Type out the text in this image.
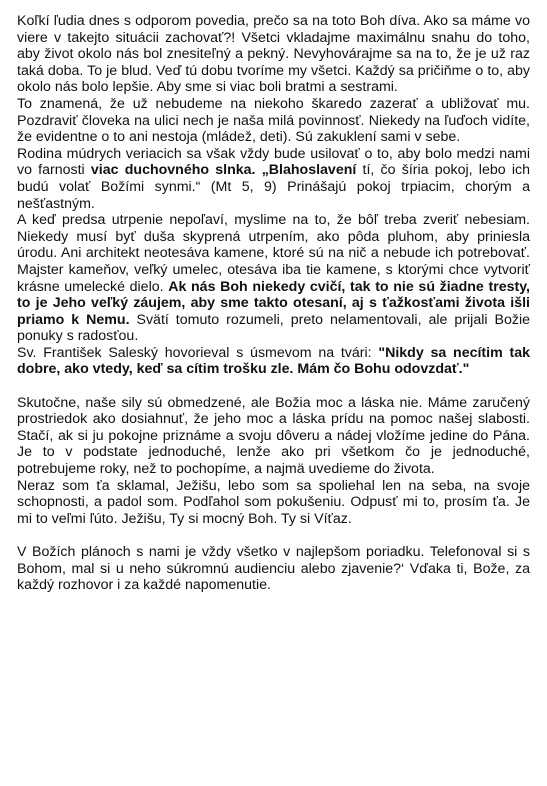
Koľkí ľudia dnes s odporom povedia, prečo sa na toto Boh díva. Ako sa máme vo viere v takejto situácii zachovať?! Všetci vkladajme maximálnu snahu do toho, aby život okolo nás bol znesiteľný a pekný. Nevyhovárajme sa na to, že je už raz taká doba. To je blud. Veď tú dobu tvoríme my všetci. Každý sa pričiňme o to, aby okolo nás bolo lepšie. Aby sme si viac boli bratmi a sestrami.

To znamená, že už nebudeme na niekoho škaredo zazerať a ubližovať mu. Pozdraviť človeka na ulici nech je naša milá povinnosť. Niekedy na ľuďoch vidíte, že evidentne o to ani nestoja (mládež, deti). Sú zakuklení sami v sebe.

Rodina múdrych veriacich sa však vždy bude usilovať o to, aby bolo medzi nami vo farnosti viac duchovného slnka. „Blahoslavení tí, čo šíria pokoj, lebo ich budú volať Božími synmi.“ (Mt 5, 9) Prinášajú pokoj trpiacim, chorým a nešťastným.

A keď predsa utrpenie nepoľaví, myslime na to, že bôľ treba zveriť nebesiam. Niekedy musí byť duša skyprená utrpením, ako pôda pluhom, aby priniesla úrodu. Ani architekt neotesáva kamene, ktoré sú na nič a nebude ich potrebovať. Majster kameňov, veľký umelec, otesáva iba tie kamene, s ktorými chce vytvoriť krásne umelecké dielo. Ak nás Boh niekedy cvičí, tak to nie sú žiadne tresty, to je Jeho veľký záujem, aby sme takto otesaní, aj s ťažkosťami života išli priamo k Nemu. Svätí tomuto rozumeli, preto nelamentovali, ale prijali Božie ponuky s radosťou.

Sv. František Saleský hovorieval s úsmevom na tvári: "Nikdy sa necítim tak dobre, ako vtedy, keď sa cítim trošku zle. Mám čo Bohu odovzdať."

Skutočne, naše sily sú obmedzené, ale Božia moc a láska nie. Máme zaručený prostriedok ako dosiahnuť, že jeho moc a láska prídu na pomoc našej slabosti. Stačí, ak si ju pokojne priznáme a svoju dôveru a nádej vložíme jedine do Pána. Je to v podstate jednoduché, lenže ako pri všetkom čo je jednoduché, potrebujeme roky, než to pochopíme, a najmä uvedieme do života.

Neraz som ťa sklamal, Ježišu, lebo som sa spoliehal len na seba, na svoje schopnosti, a padol som. Podľahol som pokušeniu. Odpusť mi to, prosím ťa. Je mi to veľmi ľúto. Ježišu, Ty si mocný Boh. Ty si Víťaz.

V Božích plánoch s nami je vždy všetko v najlepšom poriadku. Telefonoval si s Bohom, mal si u neho súkromnú audienciu alebo zjavenie?‘ Vďaka ti, Bože, za každý rozhovor i za každé napomenutie.
